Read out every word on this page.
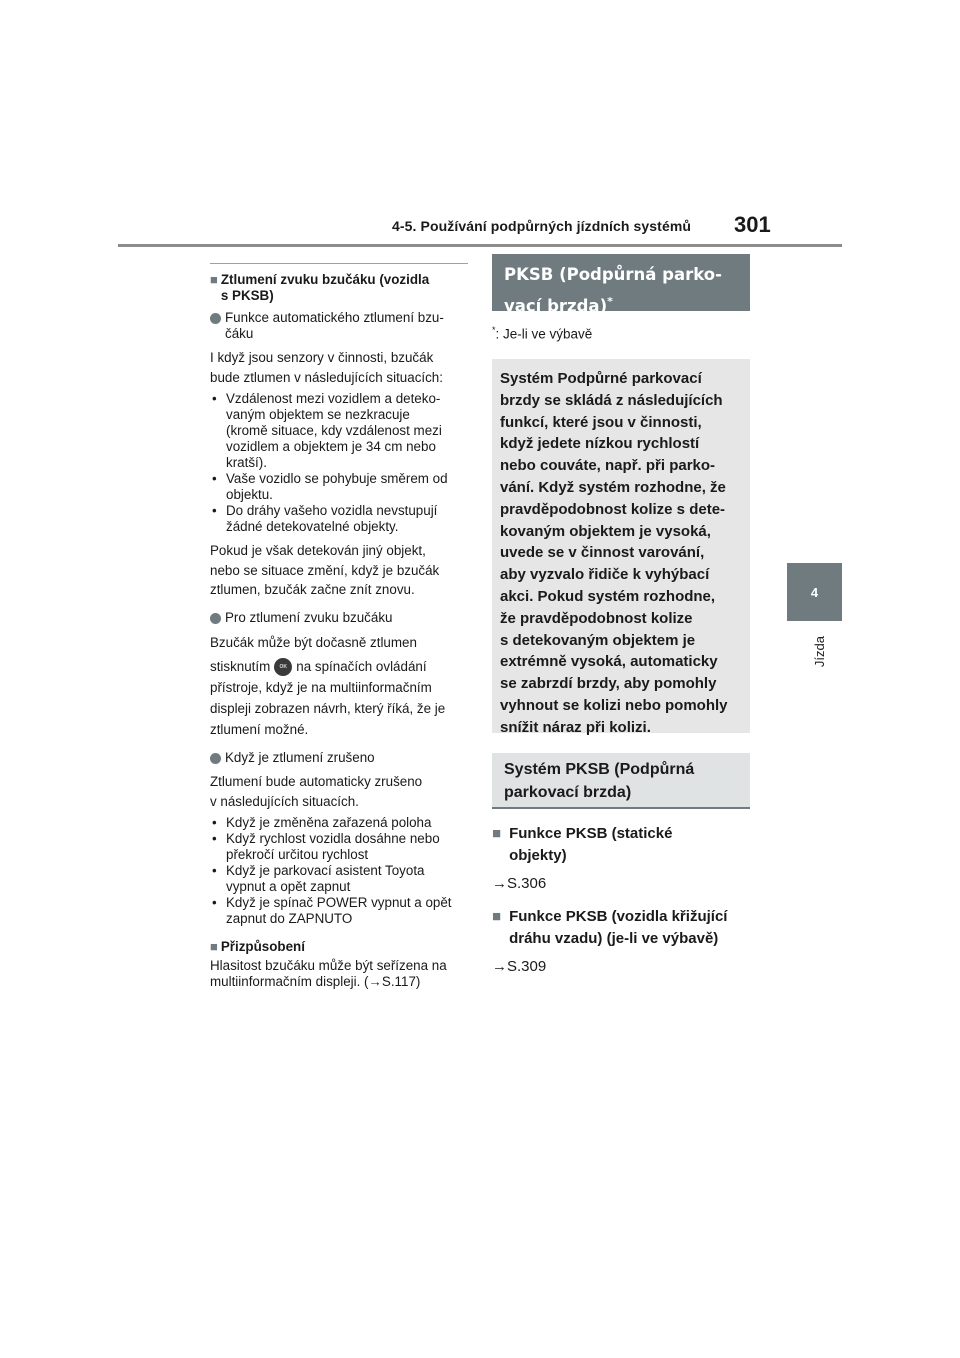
4-5. Používání podpůrných jízdních systémů 301
4
Jízda
■ Ztlumení zvuku bzučáku (vozidla
s PKSB)
Funkce automatického ztlumení bzu-
čáku
I když jsou senzory v činnosti, bzučák
bude ztlumen v následujících situacích:
• Vzdálenost mezi vozidlem a deteko-
vaným objektem se nezkracuje
(kromě situace, kdy vzdálenost mezi
vozidlem a objektem je 34 cm nebo
kratší).
• Vaše vozidlo se pohybuje směrem od
objektu.
• Do dráhy vašeho vozidla nevstupují
žádné detekovatelné objekty.
Pokud je však detekován jiný objekt,
nebo se situace změní, když je bzučák
ztlumen, bzučák začne znít znovu.
Pro ztlumení zvuku bzučáku
Bzučák může být dočasně ztlumen
stisknutím OK na spínačích ovládání
přístroje, když je na multiinformačním
displeji zobrazen návrh, který říká, že je
ztlumení možné.
Když je ztlumení zrušeno
Ztlumení bude automaticky zrušeno
v následujících situacích.
• Když je změněna zařazená poloha
• Když rychlost vozidla dosáhne nebo
překročí určitou rychlost
• Když je parkovací asistent Toyota
vypnut a opět zapnut
• Když je spínač POWER vypnut a opět
zapnut do ZAPNUTO
■ Přizpůsobení
Hlasitost bzučáku může být seřízena na
multiinformačním displeji. (→S.117)
PKSB (Podpůrná parko-
vací brzda)*
*: Je-li ve výbavě
Systém Podpůrné parkovací
brzdy se skládá z následujících
funkcí, které jsou v činnosti,
když jedete nízkou rychlostí
nebo couváte, např. při parko-
vání. Když systém rozhodne, že
pravděpodobnost kolize s dete-
kovaným objektem je vysoká,
uvede se v činnost varování,
aby vyzvalo řidiče k vyhýbací
akci. Pokud systém rozhodne,
že pravděpodobnost kolize
s detekovaným objektem je
extrémně vysoká, automaticky
se zabrzdí brzdy, aby pomohly
vyhnout se kolizi nebo pomohly
snížit náraz při kolizi.
Systém PKSB (Podpůrná
parkovací brzda)
■ Funkce PKSB (statické
objekty)
→S.306
■ Funkce PKSB (vozidla křižující
dráhu vzadu) (je-li ve výbavě)
→S.309
